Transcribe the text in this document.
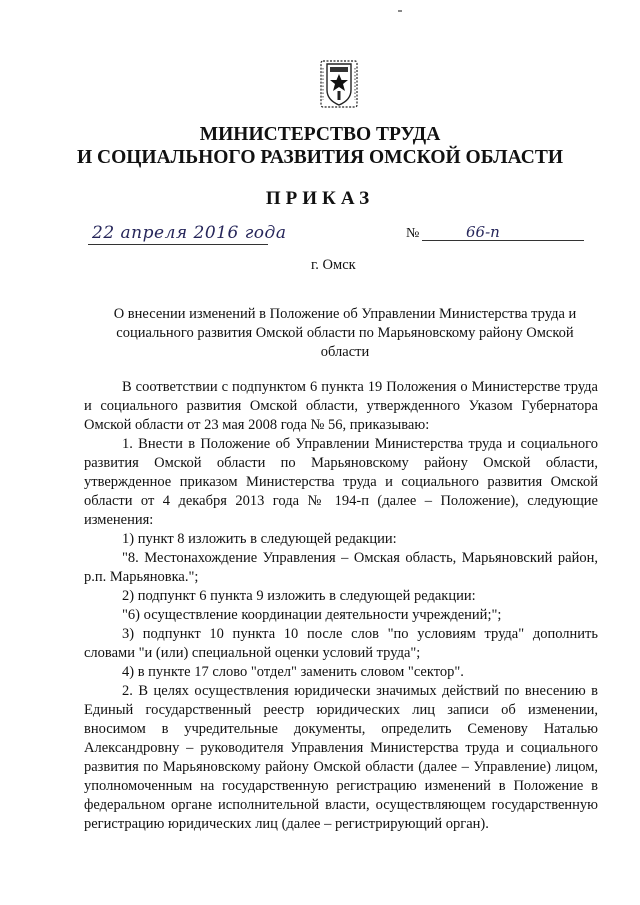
МИНИСТЕРСТВО ТРУДА
И СОЦИАЛЬНОГО РАЗВИТИЯ ОМСКОЙ ОБЛАСТИ
ПРИКАЗ
22 апреля 2016 года	№	66-п
г. Омск
О внесении изменений в Положение об Управлении Министерства труда и социального развития Омской области по Марьяновскому району Омской области

В соответствии с подпунктом 6 пункта 19 Положения о Министерстве труда и социального развития Омской области, утвержденного Указом Губернатора Омской области от 23 мая 2008 года № 56, приказываю:

1. Внести в Положение об Управлении Министерства труда и социального развития Омской области по Марьяновскому району Омской области, утвержденное приказом Министерства труда и социального развития Омской области от 4 декабря 2013 года № 194-п (далее – Положение), следующие изменения:

1) пункт 8 изложить в следующей редакции:

"8. Местонахождение Управления – Омская область, Марьяновский район, р.п. Марьяновка.";

2) подпункт 6 пункта 9 изложить в следующей редакции:

"6) осуществление координации деятельности учреждений;";

3) подпункт 10 пункта 10 после слов "по условиям труда" дополнить словами "и (или) специальной оценки условий труда";

4) в пункте 17 слово "отдел" заменить словом "сектор".

2. В целях осуществления юридически значимых действий по внесению в Единый государственный реестр юридических лиц записи об изменении, вносимом в учредительные документы, определить Семенову Наталью Александровну – руководителя Управления Министерства труда и социального развития по Марьяновскому району Омской области (далее – Управление) лицом, уполномоченным на государственную регистрацию изменений в Положение в федеральном органе исполнительной власти, осуществляющем государственную регистрацию юридических лиц (далее – регистрирующий орган).
